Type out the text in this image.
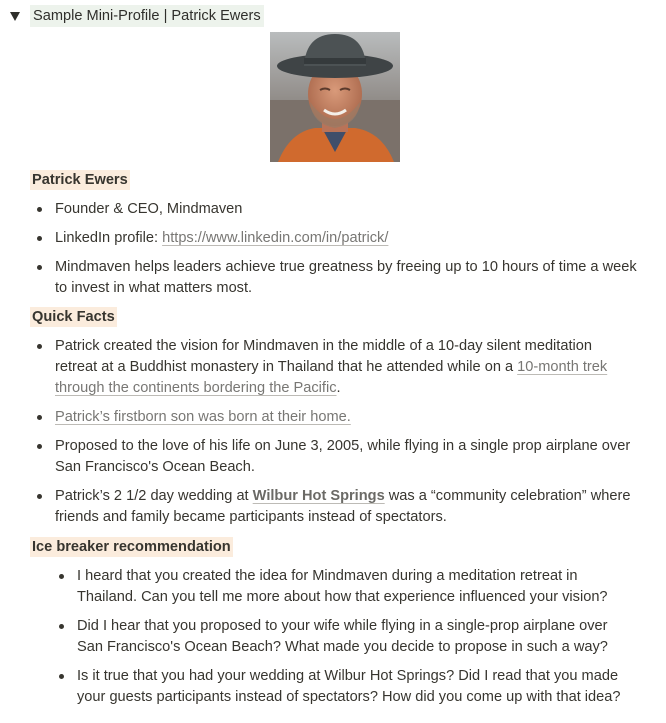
Sample Mini-Profile | Patrick Ewers
Patrick Ewers
Founder & CEO, Mindmaven
LinkedIn profile: https://www.linkedin.com/in/patrick/
Mindmaven helps leaders achieve true greatness by freeing up to 10 hours of time a week
to invest in what matters most.
Quick Facts
Patrick created the vision for Mindmaven in the middle of a 10-day silent meditation
retreat at a Buddhist monastery in Thailand that he attended while on a 10-month trek
through the continents bordering the Pacific.
Patrick’s firstborn son was born at their home.
Proposed to the love of his life on June 3, 2005, while flying in a single prop airplane over
San Francisco's Ocean Beach.
Patrick’s 2 1/2 day wedding at Wilbur Hot Springs was a “community celebration” where
friends and family became participants instead of spectators.
Ice breaker recommendation
I heard that you created the idea for Mindmaven during a meditation retreat in
Thailand. Can you tell me more about how that experience influenced your vision?
Did I hear that you proposed to your wife while flying in a single-prop airplane over
San Francisco's Ocean Beach? What made you decide to propose in such a way?
Is it true that you had your wedding at Wilbur Hot Springs? Did I read that you made
your guests participants instead of spectators? How did you come up with that idea?
